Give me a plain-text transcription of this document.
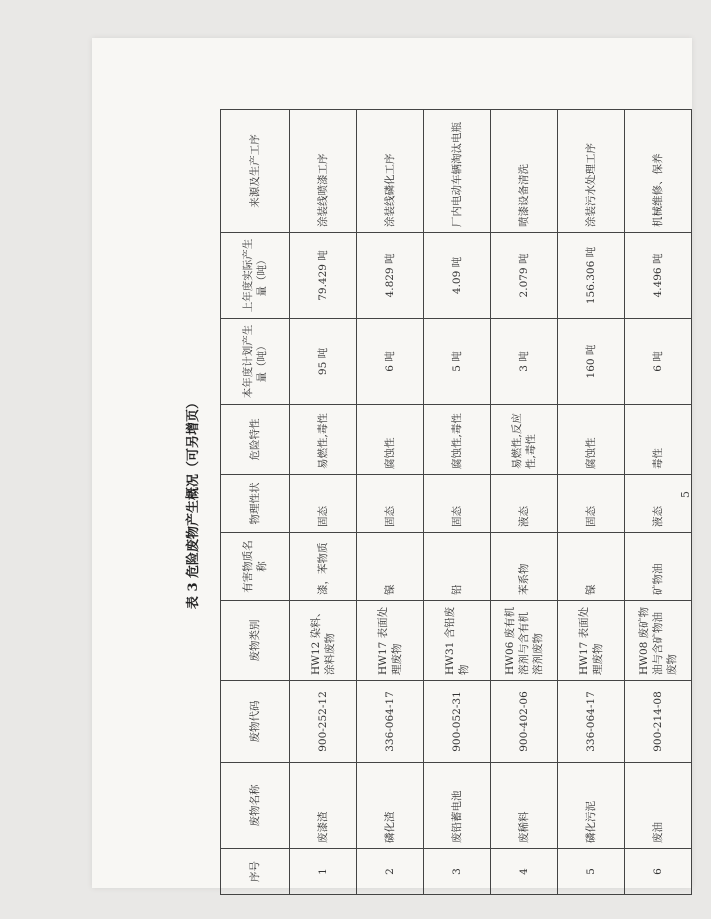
表 3 危险废物产生概况（可另增页）
序号	废物名称	废物代码	废物类别	有害物质名称	物理性状	危险特性	本年度计划产生量（吨）	上年度实际产生量（吨）	来源及生产工序
1	废漆渣	900-252-12	HW12 染料、涂料废物	漆，苯物质	固态	易燃性,毒性	95 吨	79.429 吨	涂装线喷漆工序
2	磷化渣	336-064-17	HW17 表面处理废物	镍	固态	腐蚀性	6 吨	4.829 吨	涂装线磷化工序
3	废铅蓄电池	900-052-31	HW31 含铅废物	铅	固态	腐蚀性,毒性	5 吨	4.09 吨	厂内电动车辆淘汰电瓶
4	废稀料	900-402-06	HW06 废有机溶剂与含有机溶剂废物	苯系物	液态	易燃性,反应性,毒性	3 吨	2.079 吨	喷漆设备清洗
5	磷化污泥	336-064-17	HW17 表面处理废物	镍	固态	腐蚀性	160 吨	156.306 吨	涂装污水处理工序
6	废油	900-214-08	HW08 废矿物油与含矿物油废物	矿物油	液态	毒性	6 吨	4.496 吨	机械维修、保养
5
